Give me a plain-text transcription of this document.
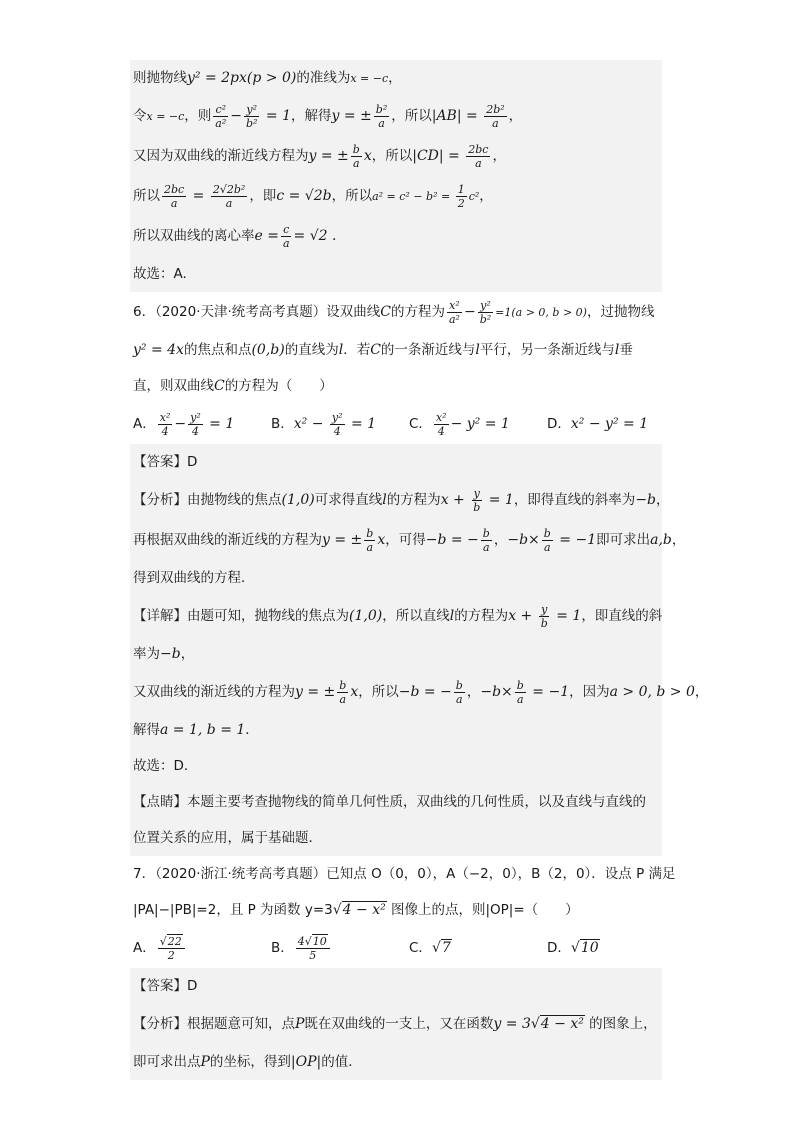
则抛物线y² = 2px(p > 0)的准线为x = −c，
令x = −c，则 $\frac{\text{c²}}{\text{a²}} - \frac{\text{y²}}{\text{b²}} = 1$，解得y = ± $\frac{\text{b²}}{a}$ ，所以$|AB| = \frac{\text{2b²}}{a}$ ，
又因为双曲线的渐近线方程为y = ± $\frac{b}{a}$ x，所以$|CD| = \frac{2bc}{a}$ ，
所以 $\frac{2bc}{a} = \frac{\text{2√2b²}}{a}$ ，即c = √2b，所以$a^2 = c^2 - b^2 = \frac{1}{2} c^2$，
所以双曲线的离心率$e = \frac{c}{a} = √2$ .
故选：A.
6．（2020·天津·统考高考真题）设双曲线C的方程为 $\frac{\text{x²}}{\text{a²}} - \frac{\text{y²}}{\text{b²}} =1(a > 0$, b > 0)，过抛物线
y² = 4x的焦点和点(0,b)的直线为l．若C的一条渐近线与l平行，另一条渐近线与l垂
直，则双曲线C的方程为（　　）
A． $\frac{\text{x²}}{4} - \frac{\text{y²}}{4} = 1$	B．$x^2 - \frac{\text{y²}}{4} = 1$ C． $\frac{\text{x²}}{4} - y^2 = 1$	D．x² − y² = 1
【答案】D
【分析】由抛物线的焦点(1,0)可求得直线l的方程为$x + \frac{y}{b} = 1$，即得直线的斜率为−b，
再根据双曲线的渐近线的方程为y = ± $\frac{b}{a}$ x，可得−b = − $\frac{b}{a}$ ，$-b\times \frac{b}{a} = -1$即可求出a,b，
得到双曲线的方程．
【详解】由题可知，抛物线的焦点为(1,0)，所以直线l的方程为$x + \frac{y}{b} = 1$，即直线的斜
率为−b，
又双曲线的渐近线的方程为y = ± $\frac{b}{a}$ x，所以−b = − $\frac{b}{a}$ ，$-b\times \frac{b}{a} = -1$，因为a > 0, b > 0，
解得a = 1, b = 1．
故选：D．
【点睛】本题主要考查抛物线的简单几何性质，双曲线的几何性质，以及直线与直线的
位置关系的应用，属于基础题．
7．（2020·浙江·统考高考真题）已知点 O（0，0），A（−2，0），B（2，0）．设点 P 满足
|PA|−|PB|=2，且 P 为函数 y=3√4 − x² 图像上的点，则|OP|=（　　）
A． $\frac{√22}{2}$	B． $\frac{4√10}{5}$	C．√7	D．√10
【答案】D
【分析】根据题意可知，点P既在双曲线的一支上，又在函数y = 3√4 − x² 的图象上，
即可求出点P的坐标，得到|OP|的值．
